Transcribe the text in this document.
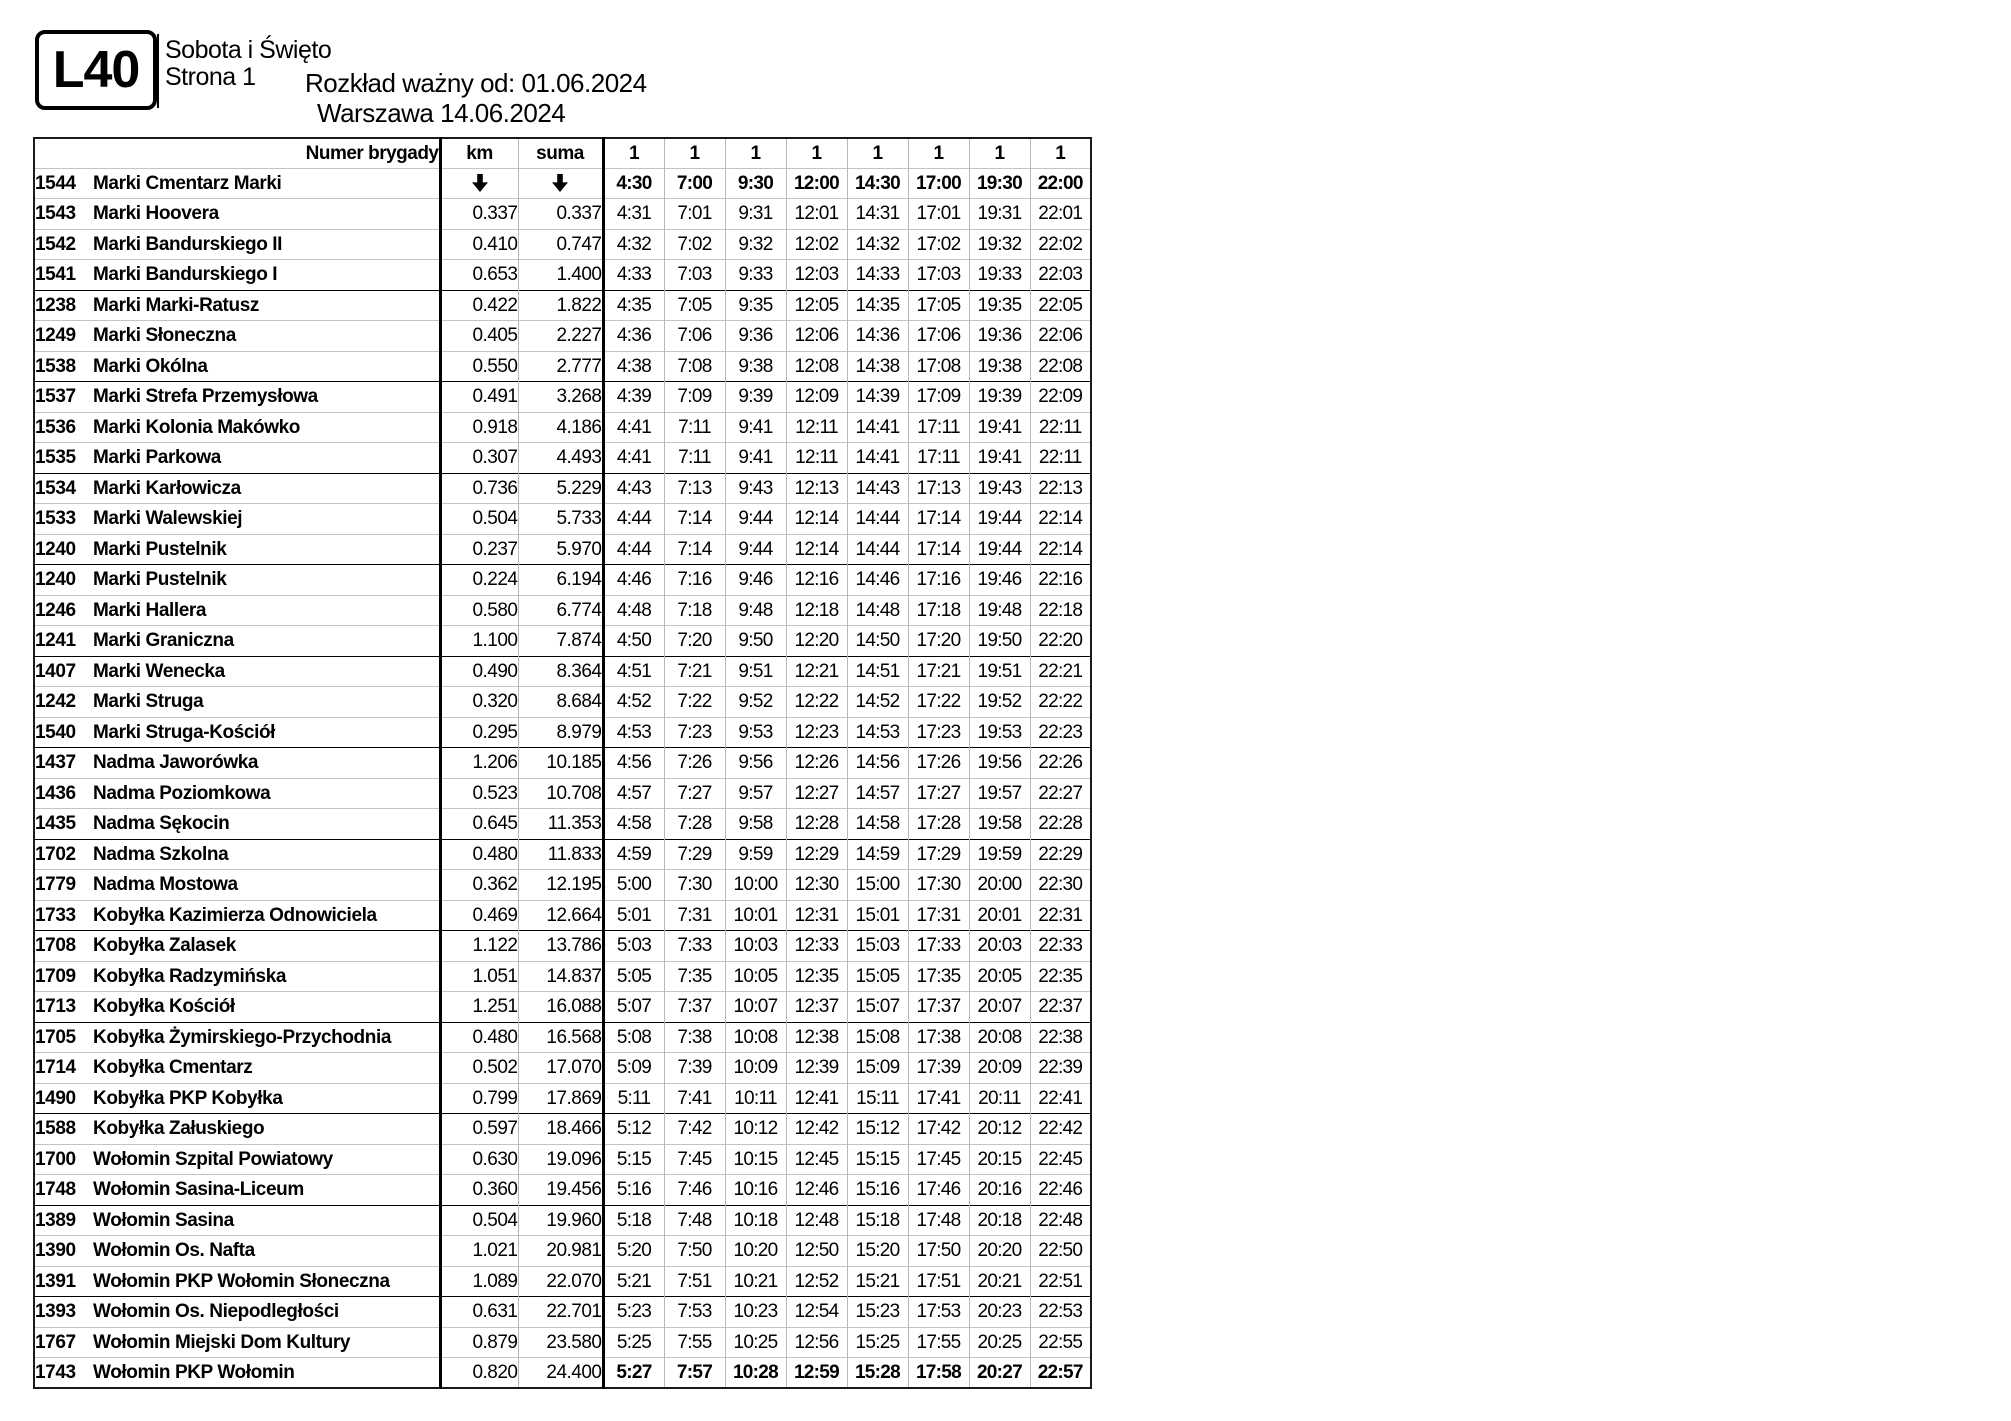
L40 Sobota i Święto
Strona 1 Rozkład ważny od: 01.06.2024
Warszawa 14.06.2024
Numer brygady	km	suma	1	1	1	1	1	1	1	1
1544 Marki Cmentarz Marki			4:30	7:00	9:30	12:00	14:30	17:00	19:30	22:00
1543 Marki Hoovera	0.337	0.337	4:31	7:01	9:31	12:01	14:31	17:01	19:31	22:01
1542 Marki Bandurskiego II	0.410	0.747	4:32	7:02	9:32	12:02	14:32	17:02	19:32	22:02
1541 Marki Bandurskiego I	0.653	1.400	4:33	7:03	9:33	12:03	14:33	17:03	19:33	22:03
1238 Marki Marki-Ratusz	0.422	1.822	4:35	7:05	9:35	12:05	14:35	17:05	19:35	22:05
1249 Marki Słoneczna	0.405	2.227	4:36	7:06	9:36	12:06	14:36	17:06	19:36	22:06
1538 Marki Okólna	0.550	2.777	4:38	7:08	9:38	12:08	14:38	17:08	19:38	22:08
1537 Marki Strefa Przemysłowa	0.491	3.268	4:39	7:09	9:39	12:09	14:39	17:09	19:39	22:09
1536 Marki Kolonia Makówko	0.918	4.186	4:41	7:11	9:41	12:11	14:41	17:11	19:41	22:11
1535 Marki Parkowa	0.307	4.493	4:41	7:11	9:41	12:11	14:41	17:11	19:41	22:11
1534 Marki Karłowicza	0.736	5.229	4:43	7:13	9:43	12:13	14:43	17:13	19:43	22:13
1533 Marki Walewskiej	0.504	5.733	4:44	7:14	9:44	12:14	14:44	17:14	19:44	22:14
1240 Marki Pustelnik	0.237	5.970	4:44	7:14	9:44	12:14	14:44	17:14	19:44	22:14
1240 Marki Pustelnik	0.224	6.194	4:46	7:16	9:46	12:16	14:46	17:16	19:46	22:16
1246 Marki Hallera	0.580	6.774	4:48	7:18	9:48	12:18	14:48	17:18	19:48	22:18
1241 Marki Graniczna	1.100	7.874	4:50	7:20	9:50	12:20	14:50	17:20	19:50	22:20
1407 Marki Wenecka	0.490	8.364	4:51	7:21	9:51	12:21	14:51	17:21	19:51	22:21
1242 Marki Struga	0.320	8.684	4:52	7:22	9:52	12:22	14:52	17:22	19:52	22:22
1540 Marki Struga-Kościół	0.295	8.979	4:53	7:23	9:53	12:23	14:53	17:23	19:53	22:23
1437 Nadma Jaworówka	1.206	10.185	4:56	7:26	9:56	12:26	14:56	17:26	19:56	22:26
1436 Nadma Poziomkowa	0.523	10.708	4:57	7:27	9:57	12:27	14:57	17:27	19:57	22:27
1435 Nadma Sękocin	0.645	11.353	4:58	7:28	9:58	12:28	14:58	17:28	19:58	22:28
1702 Nadma Szkolna	0.480	11.833	4:59	7:29	9:59	12:29	14:59	17:29	19:59	22:29
1779 Nadma Mostowa	0.362	12.195	5:00	7:30	10:00	12:30	15:00	17:30	20:00	22:30
1733 Kobyłka Kazimierza Odnowiciela	0.469	12.664	5:01	7:31	10:01	12:31	15:01	17:31	20:01	22:31
1708 Kobyłka Zalasek	1.122	13.786	5:03	7:33	10:03	12:33	15:03	17:33	20:03	22:33
1709 Kobyłka Radzymińska	1.051	14.837	5:05	7:35	10:05	12:35	15:05	17:35	20:05	22:35
1713 Kobyłka Kościół	1.251	16.088	5:07	7:37	10:07	12:37	15:07	17:37	20:07	22:37
1705 Kobyłka Żymirskiego-Przychodnia	0.480	16.568	5:08	7:38	10:08	12:38	15:08	17:38	20:08	22:38
1714 Kobyłka Cmentarz	0.502	17.070	5:09	7:39	10:09	12:39	15:09	17:39	20:09	22:39
1490 Kobyłka PKP Kobyłka	0.799	17.869	5:11	7:41	10:11	12:41	15:11	17:41	20:11	22:41
1588 Kobyłka Załuskiego	0.597	18.466	5:12	7:42	10:12	12:42	15:12	17:42	20:12	22:42
1700 Wołomin Szpital Powiatowy	0.630	19.096	5:15	7:45	10:15	12:45	15:15	17:45	20:15	22:45
1748 Wołomin Sasina-Liceum	0.360	19.456	5:16	7:46	10:16	12:46	15:16	17:46	20:16	22:46
1389 Wołomin Sasina	0.504	19.960	5:18	7:48	10:18	12:48	15:18	17:48	20:18	22:48
1390 Wołomin Os. Nafta	1.021	20.981	5:20	7:50	10:20	12:50	15:20	17:50	20:20	22:50
1391 Wołomin PKP Wołomin Słoneczna	1.089	22.070	5:21	7:51	10:21	12:52	15:21	17:51	20:21	22:51
1393 Wołomin Os. Niepodległości	0.631	22.701	5:23	7:53	10:23	12:54	15:23	17:53	20:23	22:53
1767 Wołomin Miejski Dom Kultury	0.879	23.580	5:25	7:55	10:25	12:56	15:25	17:55	20:25	22:55
1743 Wołomin PKP Wołomin	0.820	24.400	5:27	7:57	10:28	12:59	15:28	17:58	20:27	22:57
